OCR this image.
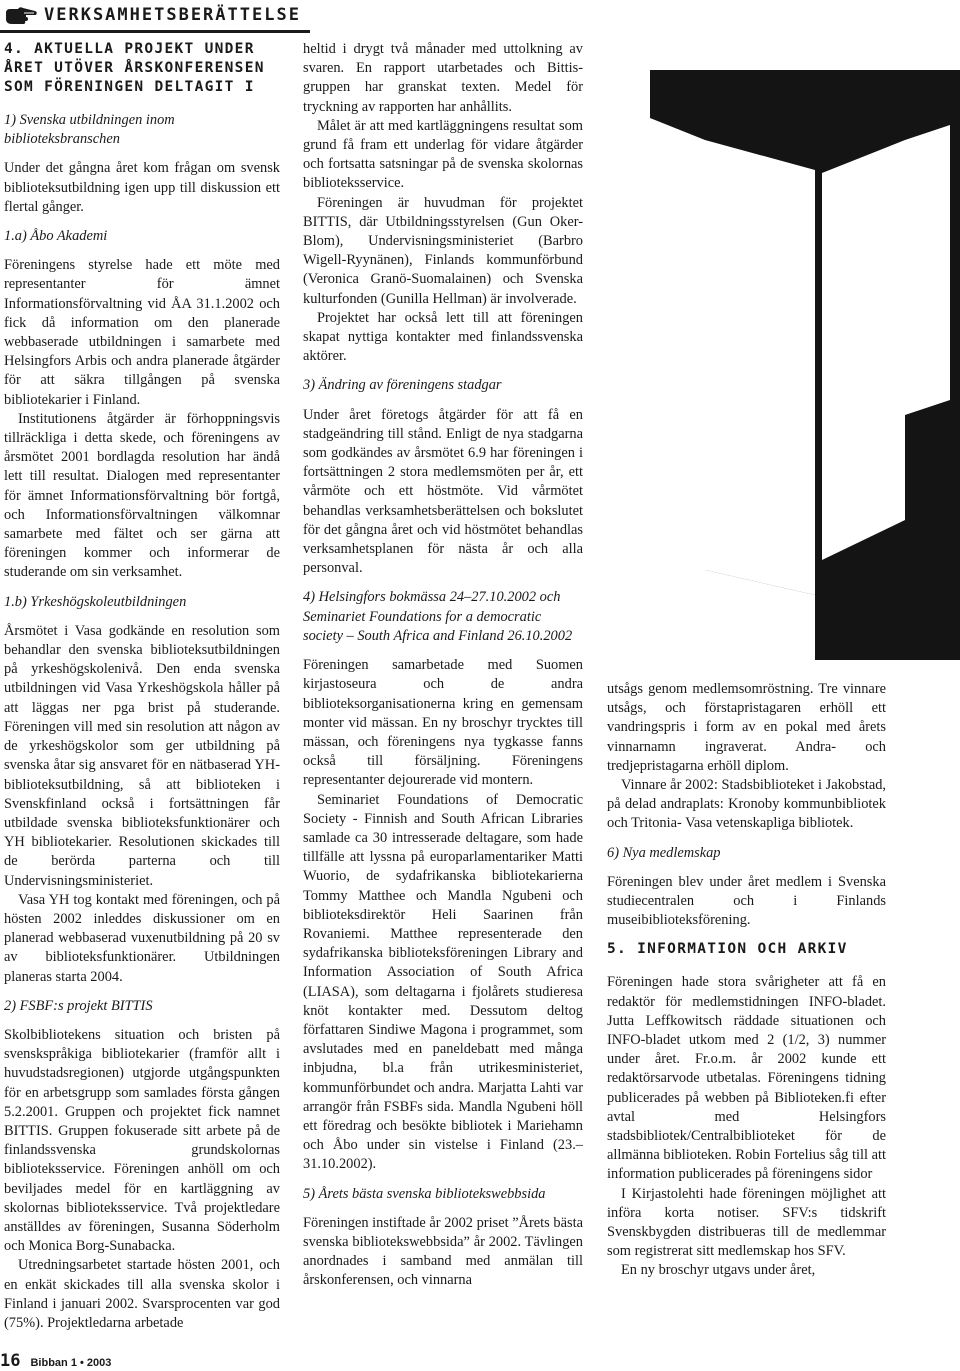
VERKSAMHETSBERÄTTELSE
4. AKTUELLA PROJEKT UNDER ÅRET UTÖVER ÅRSKONFERENSEN SOM FÖRENINGEN DELTAGIT I
1) Svenska utbildningen inom biblioteksbranschen

Under det gångna året kom frågan om svensk biblioteksutbildning igen upp till diskussion ett flertal gånger.

1.a) Åbo Akademi

Föreningens styrelse hade ett möte med representanter för ämnet Informationsförvaltning vid ÅA 31.1.2002 och fick då information om den planerade webbaserade utbildningen i samarbete med Helsingfors Arbis och andra planerade åtgärder för att säkra tillgången på svenska bibliotekarier i Finland.

Institutionens åtgärder är förhoppningsvis tillräckliga i detta skede, och föreningens av årsmötet 2001 bordlagda resolution har ändå lett till resultat. Dialogen med representanter för ämnet Informationsförvaltning bör fortgå, och Informationsförvaltningen välkomnar samarbete med fältet och ser gärna att föreningen kommer och informerar de studerande om sin verksamhet.

1.b) Yrkeshögskoleutbildningen

Årsmötet i Vasa godkände en resolution som behandlar den svenska biblioteksutbildningen på yrkeshögskolenivå. Den enda svenska utbildningen vid Vasa Yrkeshögskola håller på att läggas ner pga brist på studerande. Föreningen vill med sin resolution att någon av de yrkeshögskolor som ger utbildning på svenska åtar sig ansvaret för en nätbaserad YH-biblioteksutbildning, så att biblioteken i Svenskfinland också i fortsättningen får utbildade svenska biblioteksfunktionärer och YH bibliotekarier. Resolutionen skickades till de berörda parterna och till Undervisningsministeriet.

Vasa YH tog kontakt med föreningen, och på hösten 2002 inleddes diskussioner om en planerad webbaserad vuxenutbildning på 20 sv av biblioteksfunktionärer. Utbildningen planeras starta 2004.

2) FSBF:s projekt BITTIS

Skolbibliotekens situation och bristen på svenskspråkiga bibliotekarier (framför allt i huvudstadsregionen) utgjorde utgångspunkten för en arbetsgrupp som samlades första gången 5.2.2001. Gruppen och projektet fick namnet BITTIS. Gruppen fokuserade sitt arbete på de finlandssvenska grundskolornas biblioteksservice. Föreningen anhöll om och beviljades medel för en kartläggning av skolornas biblioteksservice. Två projektledare anställdes av föreningen, Susanna Söderholm och Monica Borg-Sunabacka.

Utredningsarbetet startade hösten 2001, och en enkät skickades till alla svenska skolor i Finland i januari 2002. Svarsprocenten var god (75%). Projektledarna arbetade

heltid i drygt två månader med uttolkning av svaren. En rapport utarbetades och Bittis-gruppen har granskat texten. Medel för tryckning av rapporten har anhållits.

Målet är att med kartläggningens resultat som grund få fram ett underlag för vidare åtgärder och fortsatta satsningar på de svenska skolornas biblioteksservice.

Föreningen är huvudman för projektet BITTIS, där Utbildningsstyrelsen (Gun Oker-Blom), Undervisningsministeriet (Barbro Wigell-Ryynänen), Finlands kommunförbund (Veronica Granö-Suomalainen) och Svenska kulturfonden (Gunilla Hellman) är involverade.

Projektet har också lett till att föreningen skapat nyttiga kontakter med finlandssvenska aktörer.

3) Ändring av föreningens stadgar

Under året företogs åtgärder för att få en stadgeändring till stånd. Enligt de nya stadgarna som godkändes av årsmötet 6.9 har föreningen i fortsättningen 2 stora medlemsmöten per år, ett vårmöte och ett höstmöte. Vid vårmötet behandlas verksamhetsberättelsen och bokslutet för det gångna året och vid höstmötet behandlas verksamhetsplanen för nästa år och alla personval.

4) Helsingfors bokmässa 24–27.10.2002 och Seminariet Foundations for a democratic society – South Africa and Finland 26.10.2002

Föreningen samarbetade med Suomen kirjastoseura och de andra biblioteksorganisationerna kring en gemensam monter vid mässan. En ny broschyr trycktes till mässan, och föreningens nya tygkasse fanns också till försäljning. Föreningens representanter dejourerade vid montern.

Seminariet Foundations of Democratic Society - Finnish and South African Libraries samlade ca 30 intresserade deltagare, som hade tillfälle att lyssna på europarlamentariker Matti Wuorio, de sydafrikanska bibliotekarierna Tommy Matthee och Mandla Ngubeni och biblioteksdirektör Heli Saarinen från Rovaniemi. Matthee representerade den sydafrikanska biblioteksföreningen Library and Information Association of South Africa (LIASA), som deltagarna i fjolårets studieresa knöt kontakter med. Dessutom deltog författaren Sindiwe Magona i programmet, som avslutades med en paneldebatt med många inbjudna, bl.a från utrikesministeriet, kommunförbundet och andra. Marjatta Lahti var arrangör från FSBFs sida. Mandla Ngubeni höll ett föredrag och besökte bibliotek i Mariehamn och Åbo under sin vistelse i Finland (23.–31.10.2002).

5) Årets bästa svenska bibliotekswebbsida

Föreningen instiftade år 2002 priset ”Årets bästa svenska bibliotekswebbsida” år 2002. Tävlingen anordnades i samband med anmälan till årskonferensen, och vinnarna

utsågs genom medlemsomröstning. Tre vinnare utsågs, och förstapristagaren erhöll ett vandringspris i form av en pokal med årets vinnarnamn ingraverat. Andra- och tredjepristagarna erhöll diplom.

Vinnare år 2002: Stadsbiblioteket i Jakobstad, på delad andraplats: Kronoby kommunbibliotek och Tritonia- Vasa vetenskapliga bibliotek.

6) Nya medlemskap

Föreningen blev under året medlem i Svenska studiecentralen och i Finlands museibiblioteksförening.

5. INFORMATION OCH ARKIV

Föreningen hade stora svårigheter att få en redaktör för medlemstidningen INFO-bladet. Jutta Leffkowitsch räddade situationen och INFO-bladet utkom med 2 (1/2, 3) nummer under året. Fr.o.m. år 2002 kunde ett redaktörsarvode utbetalas. Föreningens tidning publicerades på webben på Biblioteken.fi efter avtal med Helsingfors stadsbibliotek/Centralbiblioteket för de allmänna biblioteken. Robin Fortelius såg till att information publicerades på föreningens sidor

I Kirjastolehti hade föreningen möjlighet att införa korta notiser. SFV:s tidskrift Svenskbygden distribueras till de medlemmar som registrerat sitt medlemskap hos SFV.

En ny broschyr utgavs under året,

16 Bibban 1 • 2003
